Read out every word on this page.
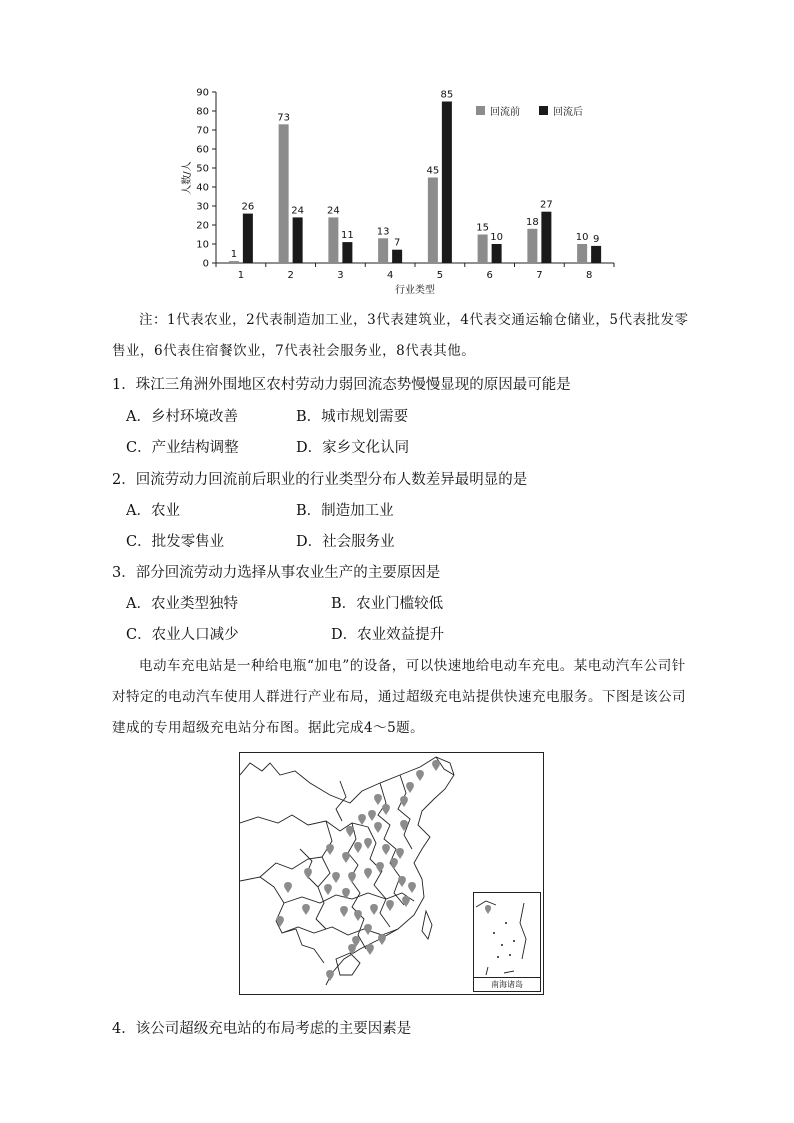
0
10
20
30
40
50
60
70
80
90
人数/人
1	2	3	4	5	6	7	8
行业类型
1
26
73
24 24
11 13
7
45
85
15
10
18
27
10 9
回流前	回流后

注：1代表农业，2代表制造加工业，3代表建筑业，4代表交通运输仓储业，5代表批发零售业，6代表住宿餐饮业，7代表社会服务业，8代表其他。

1．珠江三角洲外围地区农村劳动力弱回流态势慢慢显现的原因最可能是

A．乡村环境改善	B．城市规划需要

C．产业结构调整	D．家乡文化认同

2．回流劳动力回流前后职业的行业类型分布人数差异最明显的是

A．农业	B．制造加工业

C．批发零售业	D．社会服务业

3．部分回流劳动力选择从事农业生产的主要原因是

A．农业类型独特	B．农业门槛较低

C．农业人口减少	D．农业效益提升

电动车充电站是一种给电瓶“加电”的设备，可以快速地给电动车充电。某电动汽车公司针对特定的电动汽车使用人群进行产业布局，通过超级充电站提供快速充电服务。下图是该公司建成的专用超级充电站分布图。据此完成4～5题。

南海诸岛

4．该公司超级充电站的布局考虑的主要因素是
